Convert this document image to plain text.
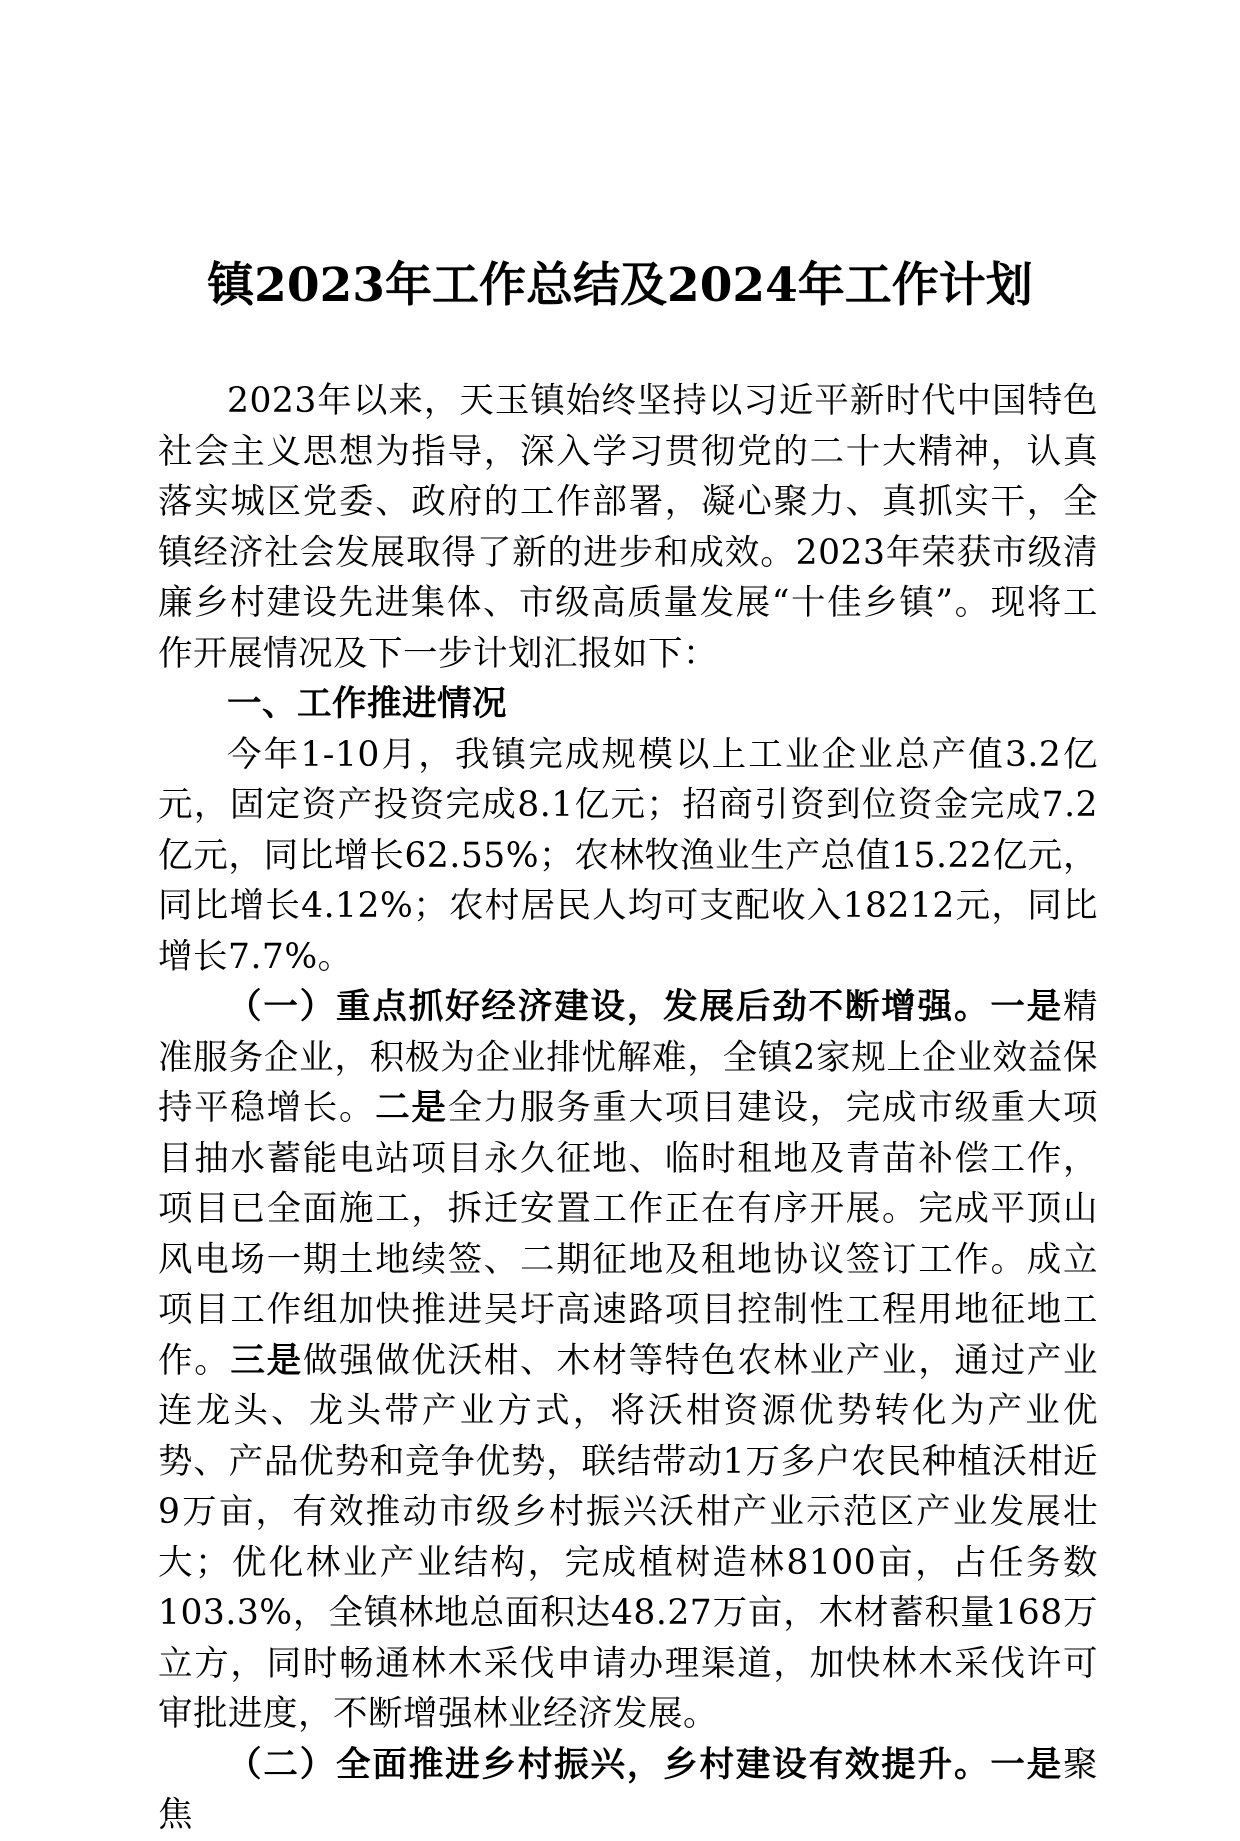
镇2023年工作总结及2024年工作计划

2023年以来，天玉镇始终坚持以习近平新时代中国特色社会主义思想为指导，深入学习贯彻党的二十大精神，认真落实城区党委、政府的工作部署，凝心聚力、真抓实干，全镇经济社会发展取得了新的进步和成效。2023年荣获市级清廉乡村建设先进集体、市级高质量发展“十佳乡镇”。现将工作开展情况及下一步计划汇报如下：

一、工作推进情况

今年1-10月，我镇完成规模以上工业企业总产值3.2亿元，固定资产投资完成8.1亿元；招商引资到位资金完成7.2亿元，同比增长62.55%；农林牧渔业生产总值15.22亿元，同比增长4.12%；农村居民人均可支配收入18212元，同比增长7.7%。

（一）重点抓好经济建设，发展后劲不断增强。一是精准服务企业，积极为企业排忧解难，全镇2家规上企业效益保持平稳增长。二是全力服务重大项目建设，完成市级重大项目抽水蓄能电站项目永久征地、临时租地及青苗补偿工作，项目已全面施工，拆迁安置工作正在有序开展。完成平顶山风电场一期土地续签、二期征地及租地协议签订工作。成立项目工作组加快推进吴圩高速路项目控制性工程用地征地工作。三是做强做优沃柑、木材等特色农林业产业，通过产业连龙头、龙头带产业方式，将沃柑资源优势转化为产业优势、产品优势和竞争优势，联结带动1万多户农民种植沃柑近9万亩，有效推动市级乡村振兴沃柑产业示范区产业发展壮大；优化林业产业结构，完成植树造林8100亩，占任务数103.3%，全镇林地总面积达48.27万亩，木材蓄积量168万立方，同时畅通林木采伐申请办理渠道，加快林木采伐许可审批进度，不断增强林业经济发展。

（二）全面推进乡村振兴，乡村建设有效提升。一是聚焦
